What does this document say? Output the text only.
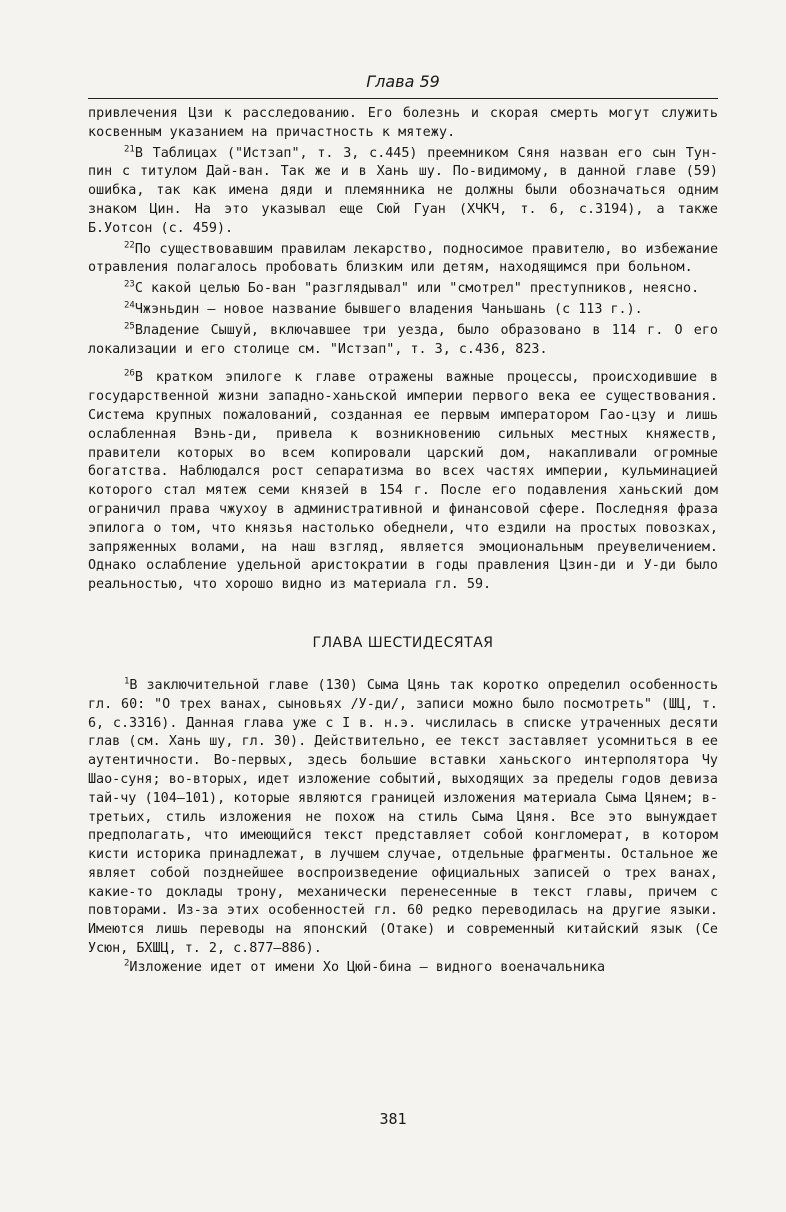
Глава 59

привлечения Цзи к расследованию. Его болезнь и скорая смерть могут служить косвенным указанием на причастность к мятежу.

$^{21}$В Таблицах ("Истзап", т. 3, с.445) преемником Сяня назван его сын Тун-пин с титулом Дай-ван. Так же и в Хань шу. По-видимому, в данной главе (59) ошибка, так как имена дяди и племянника не должны были обозначаться одним знаком Цин. На это указывал еще Сюй Гуан (ХЧКЧ, т. 6, с.3194), а также Б.Уотсон (с. 459).

$^{22}$По существовавшим правилам лекарство, подносимое правителю, во избежание отравления полагалось пробовать близким или детям, находящимся при больном.

$^{23}$С какой целью Бо-ван "разглядывал" или "смотрел" преступников, неясно.

$^{24}$Чжэньдин — новое название бывшего владения Чаньшань (с 113 г.).

$^{25}$Владение Сышуй, включавшее три уезда, было образовано в 114 г. О его локализации и его столице см. "Истзап", т. 3, с.436, 823.

$^{26}$В кратком эпилоге к главе отражены важные процессы, происходившие в государственной жизни западно-ханьской империи первого века ее существования. Система крупных пожалований, созданная ее первым императором Гао-цзу и лишь ослабленная Вэнь-ди, привела к возникновению сильных местных княжеств, правители которых во всем копировали царский дом, накапливали огромные богатства. Наблюдался рост сепаратизма во всех частях империи, кульминацией которого стал мятеж семи князей в 154 г. После его подавления ханьский дом ограничил права чжухоу в административной и финансовой сфере. Последняя фраза эпилога о том, что князья настолько обеднели, что ездили на простых повозках, запряженных волами, на наш взгляд, является эмоциональным преувеличением. Однако ослабление удельной аристократии в годы правления Цзин-ди и У-ди было реальностью, что хорошо видно из материала гл. 59.

ГЛАВА ШЕСТИДЕСЯТАЯ

$^1$В заключительной главе (130) Сыма Цянь так коротко определил особенность гл. 60: "О трех ванах, сыновьях /У-ди/, записи можно было посмотреть" (ШЦ, т. 6, с.3316). Данная глава уже с I в. н.э. числилась в списке утраченных десяти глав (см. Хань шу, гл. 30). Действительно, ее текст заставляет усомниться в ее аутентичности. Во-первых, здесь большие вставки ханьского интерполятора Чу Шао-суня; во-вторых, идет изложение событий, выходящих за пределы годов девиза тай-чу (104—101), которые являются границей изложения материала Сыма Цянем; в-третьих, стиль изложения не похож на стиль Сыма Цяня. Все это вынуждает предполагать, что имеющийся текст представляет собой конгломерат, в котором кисти историка принадлежат, в лучшем случае, отдельные фрагменты. Остальное же являет собой позднейшее воспроизведение официальных записей о трех ванах, какие-то доклады трону, механически перенесенные в текст главы, причем с повторами. Из-за этих особенностей гл. 60 редко переводилась на другие языки. Имеются лишь переводы на японский (Отаке) и современный китайский язык (Се Усюн, БХШЦ, т. 2, с.877—886).

$^2$Изложение идет от имени Хо Цюй-бина — видного военачальника

381
